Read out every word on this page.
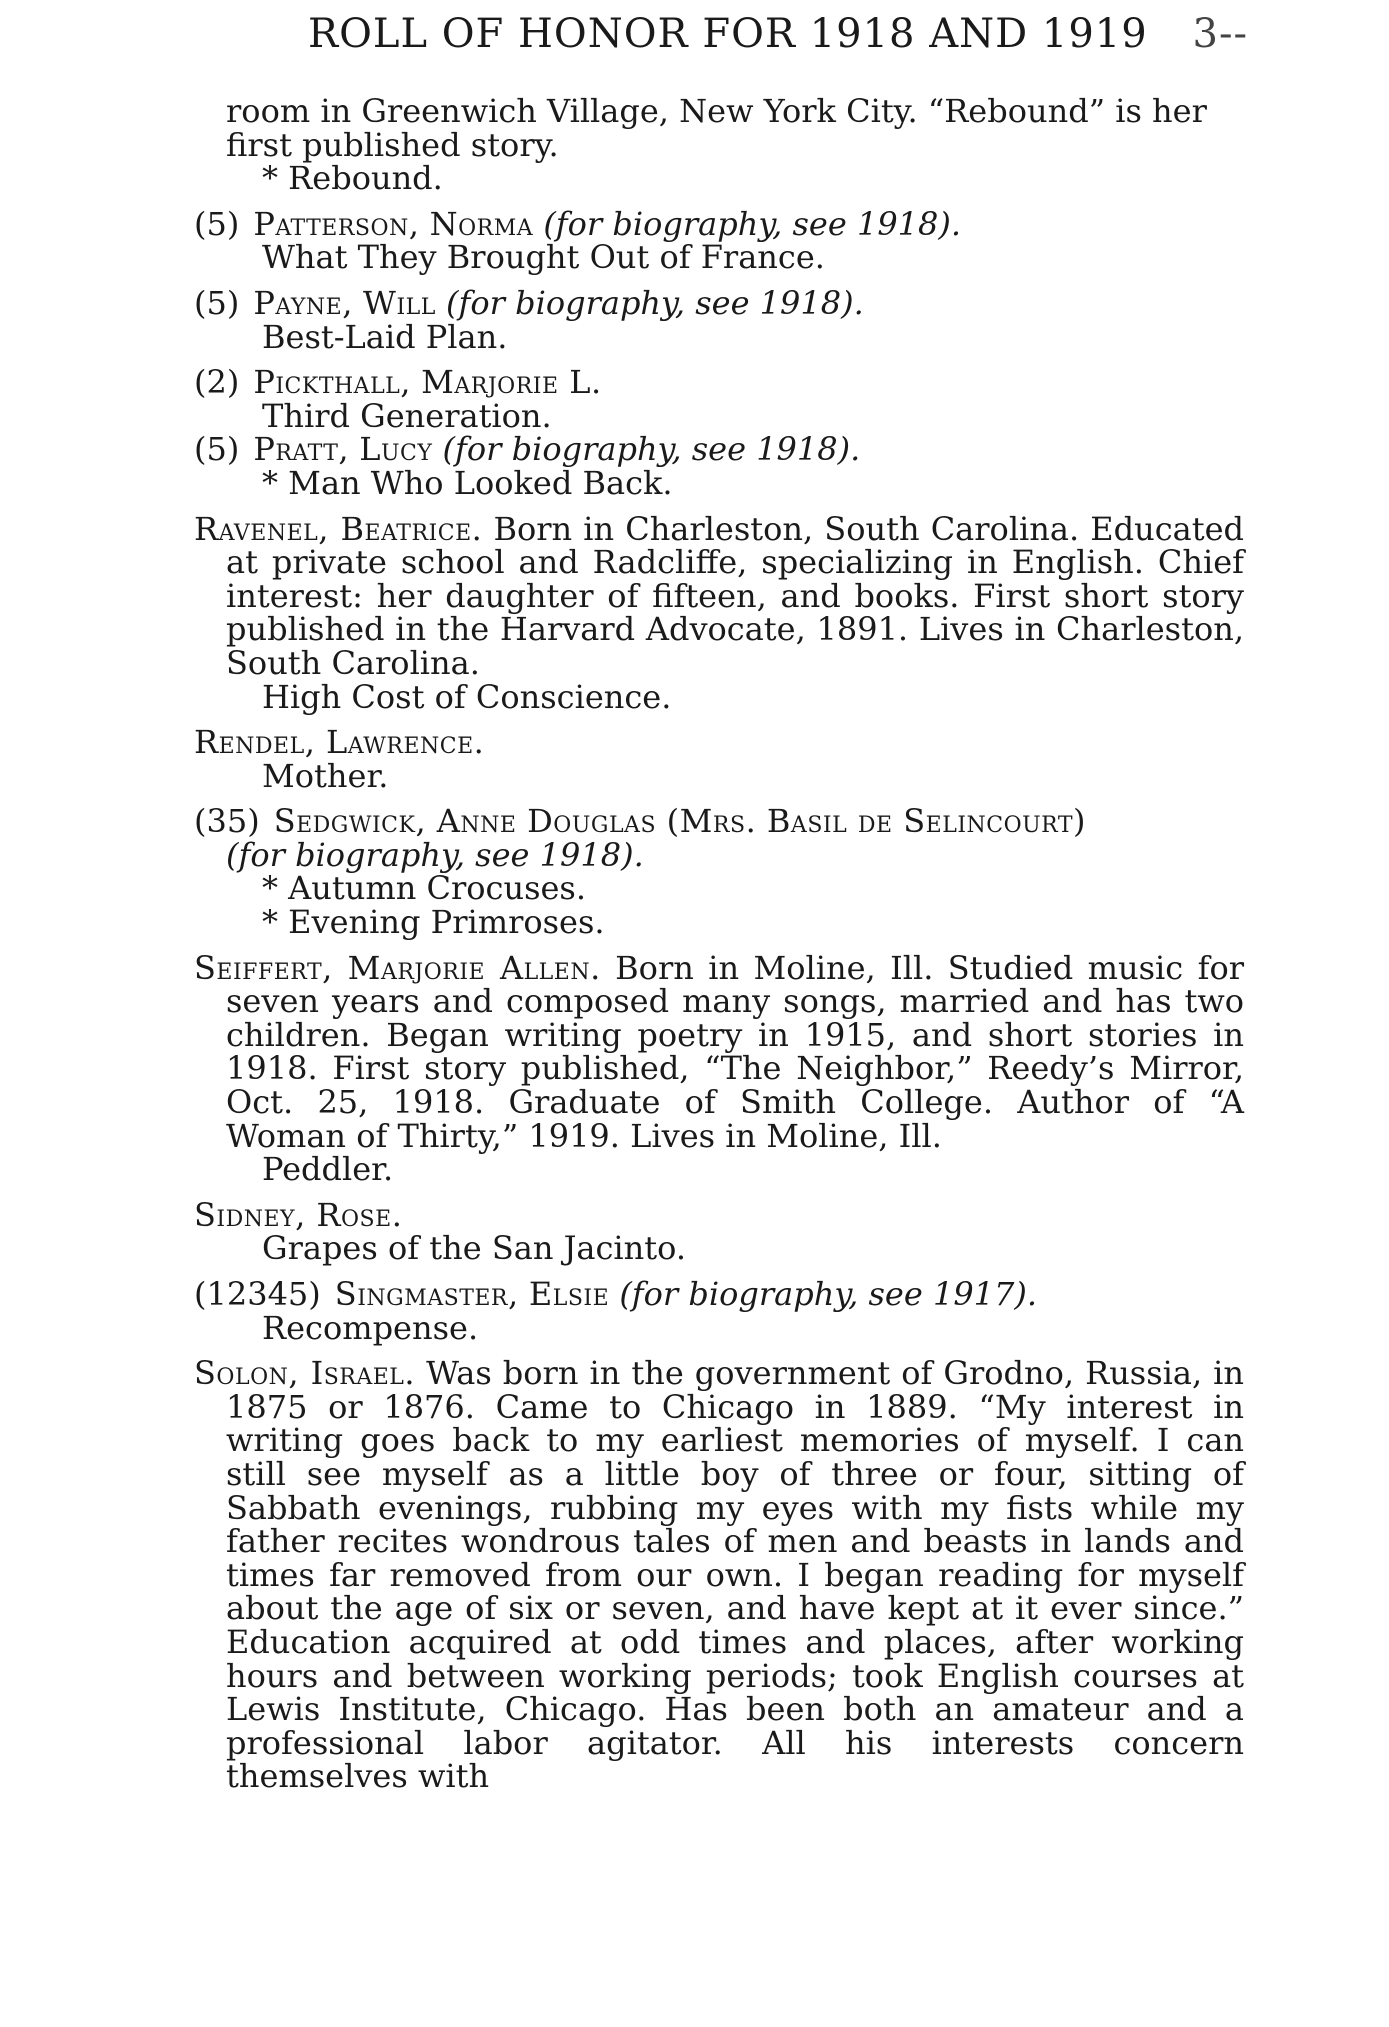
ROLL OF HONOR FOR 1918 AND 1919 3--
room in Greenwich Village, New York City. “Rebound” is her first published story.
* Rebound.
(5) Patterson, Norma (for biography, see 1918).
What They Brought Out of France.
(5) Payne, Will (for biography, see 1918).
Best-Laid Plan.
(2) Pickthall, Marjorie L.
Third Generation.
(5) Pratt, Lucy (for biography, see 1918).
* Man Who Looked Back.
Ravenel, Beatrice. Born in Charleston, South Carolina. Educated at private school and Radcliffe, specializing in English. Chief interest: her daughter of fifteen, and books. First short story published in the Harvard Advocate, 1891. Lives in Charleston, South Carolina.
High Cost of Conscience.
Rendel, Lawrence.
Mother.
(35) Sedgwick, Anne Douglas (Mrs. Basil de Selincourt)
(for biography, see 1918).
* Autumn Crocuses.
* Evening Primroses.
Seiffert, Marjorie Allen. Born in Moline, Ill. Studied music for seven years and composed many songs, married and has two children. Began writing poetry in 1915, and short stories in 1918. First story published, “The Neighbor,” Reedy’s Mirror, Oct. 25, 1918. Graduate of Smith College. Author of “A Woman of Thirty,” 1919. Lives in Moline, Ill.
Peddler.
Sidney, Rose.
Grapes of the San Jacinto.
(12345) Singmaster, Elsie (for biography, see 1917).
Recompense.
Solon, Israel. Was born in the government of Grodno, Russia, in 1875 or 1876. Came to Chicago in 1889. “My interest in writing goes back to my earliest memories of myself. I can still see myself as a little boy of three or four, sitting of Sabbath evenings, rubbing my eyes with my fists while my father recites wondrous tales of men and beasts in lands and times far removed from our own. I began reading for myself about the age of six or seven, and have kept at it ever since.” Education acquired at odd times and places, after working hours and between working periods; took English courses at Lewis Institute, Chicago. Has been both an amateur and a professional labor agitator. All his interests concern themselves with
